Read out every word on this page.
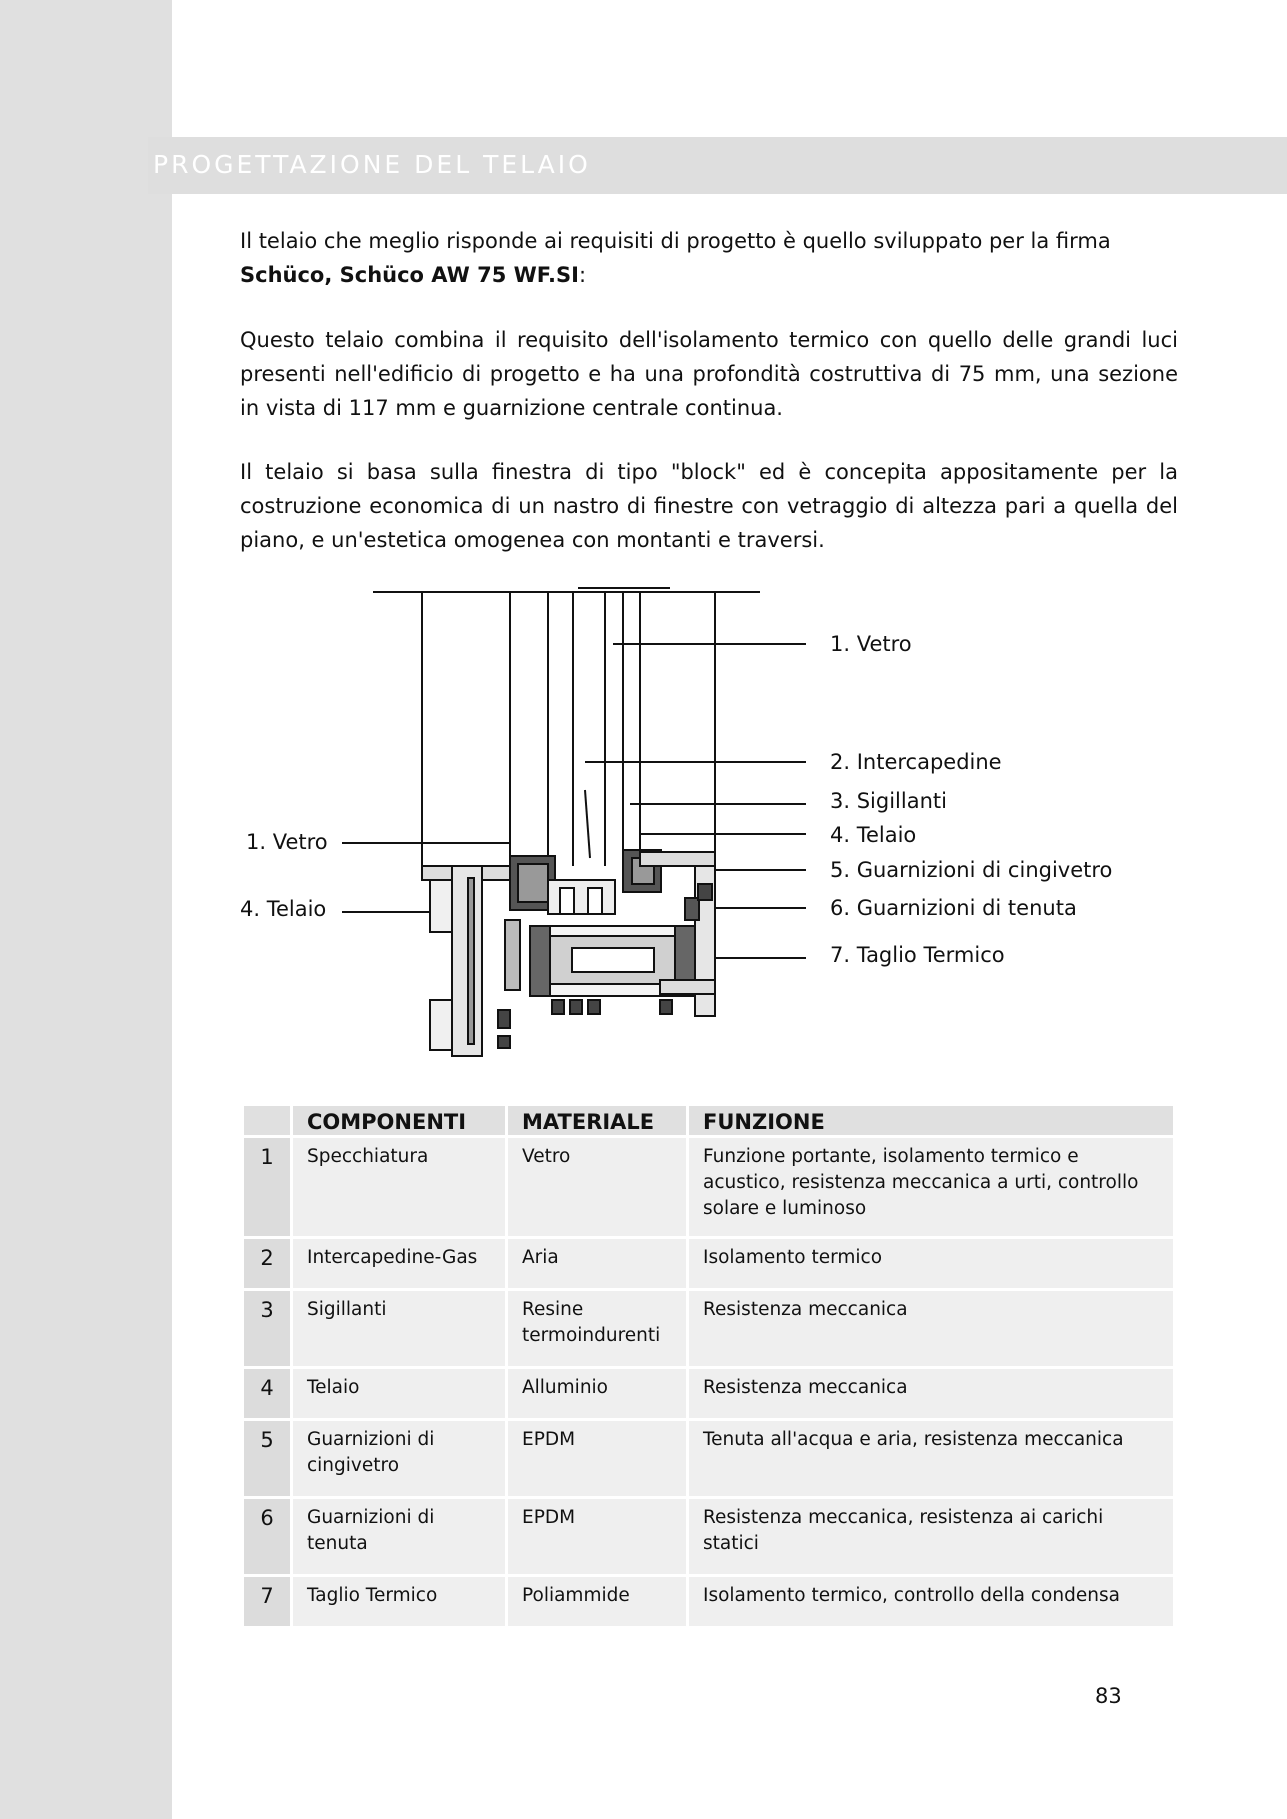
PROGETTAZIONE DEL TELAIO
Il telaio che meglio risponde ai requisiti di progetto è quello sviluppato per la firma
Schüco, Schüco AW 75 WF.SI:
Questo telaio combina il requisito dell'isolamento termico con quello delle grandi luci presenti nell'edificio di progetto e ha una profondità costruttiva di 75 mm, una sezione in vista di 117 mm e guarnizione centrale continua.
Il telaio si basa sulla finestra di tipo "block" ed è concepita appositamente per la costruzione economica di un nastro di finestre con vetraggio di altezza pari a quella del piano, e un'estetica omogenea con montanti e traversi.
1. Vetro
2. Intercapedine
3. Sigillanti
4. Telaio
5. Guarnizioni di cingivetro
6. Guarnizioni di tenuta
7. Taglio Termico
1. Vetro
4. Telaio
	COMPONENTI	MATERIALE	FUNZIONE
1	Specchiatura	Vetro	Funzione portante, isolamento termico e acustico, resistenza meccanica a urti, controllo solare e luminoso
2	Intercapedine-Gas	Aria	Isolamento termico
3	Sigillanti	Resine termoindurenti	Resistenza meccanica
4	Telaio	Alluminio	Resistenza meccanica
5	Guarnizioni di cingivetro	EPDM	Tenuta all'acqua e aria, resistenza meccanica
6	Guarnizioni di tenuta	EPDM	Resistenza meccanica, resistenza ai carichi statici
7	Taglio Termico	Poliammide	Isolamento termico, controllo della condensa
83
